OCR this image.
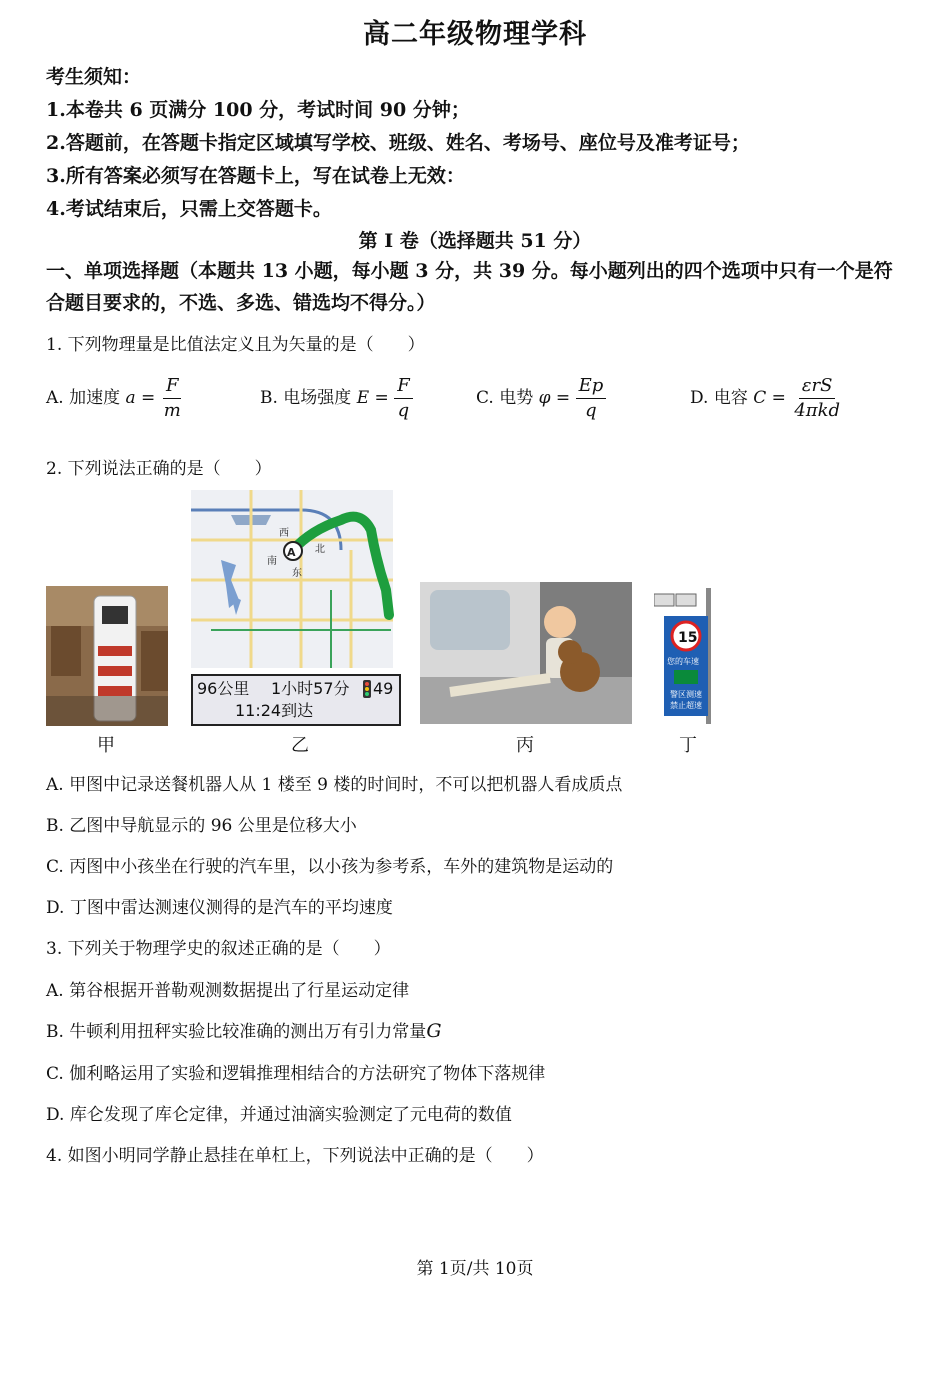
高二年级物理学科
考生须知：
1.本卷共 6 页满分 100 分，考试时间 90 分钟；
2.答题前，在答题卡指定区域填写学校、班级、姓名、考场号、座位号及准考证号；
3.所有答案必须写在答题卡上，写在试卷上无效：
4.考试结束后，只需上交答题卡。
第 I 卷（选择题共 51 分）
一、单项选择题（本题共 13 小题，每小题 3 分，共 39 分。每小题列出的四个选项中只有一个是符合题目要求的，不选、多选、错选均不得分。）
1. 下列物理量是比值法定义且为矢量的是（　　）
A. 加速度 $a = \frac{F}{m}$	B. 电场强度 $E = \frac{F}{q}$	C. 电势 $\varphi = \frac{Ep}{q}$	D. 电容 $C = \frac{\text{εrS}}{\text{4πkd}}$
2. 下列说法正确的是（　　）
甲
A
西
北
南
东
96公里 1小时57分 49
11:24到达
乙	丙
15
您的车速
警区测速
禁止超速
丁
A. 甲图中记录送餐机器人从 1 楼至 9 楼的时间时，不可以把机器人看成质点
B. 乙图中导航显示的 96 公里是位移大小
C. 丙图中小孩坐在行驶的汽车里，以小孩为参考系，车外的建筑物是运动的
D. 丁图中雷达测速仪测得的是汽车的平均速度
3. 下列关于物理学史的叙述正确的是（　　）
A. 第谷根据开普勒观测数据提出了行星运动定律
B. 牛顿利用扭秤实验比较准确的测出万有引力常量G
C. 伽利略运用了实验和逻辑推理相结合的方法研究了物体下落规律
D. 库仑发现了库仑定律，并通过油滴实验测定了元电荷的数值
4. 如图小明同学静止悬挂在单杠上，下列说法中正确的是（　　）
第 1页/共 10页
